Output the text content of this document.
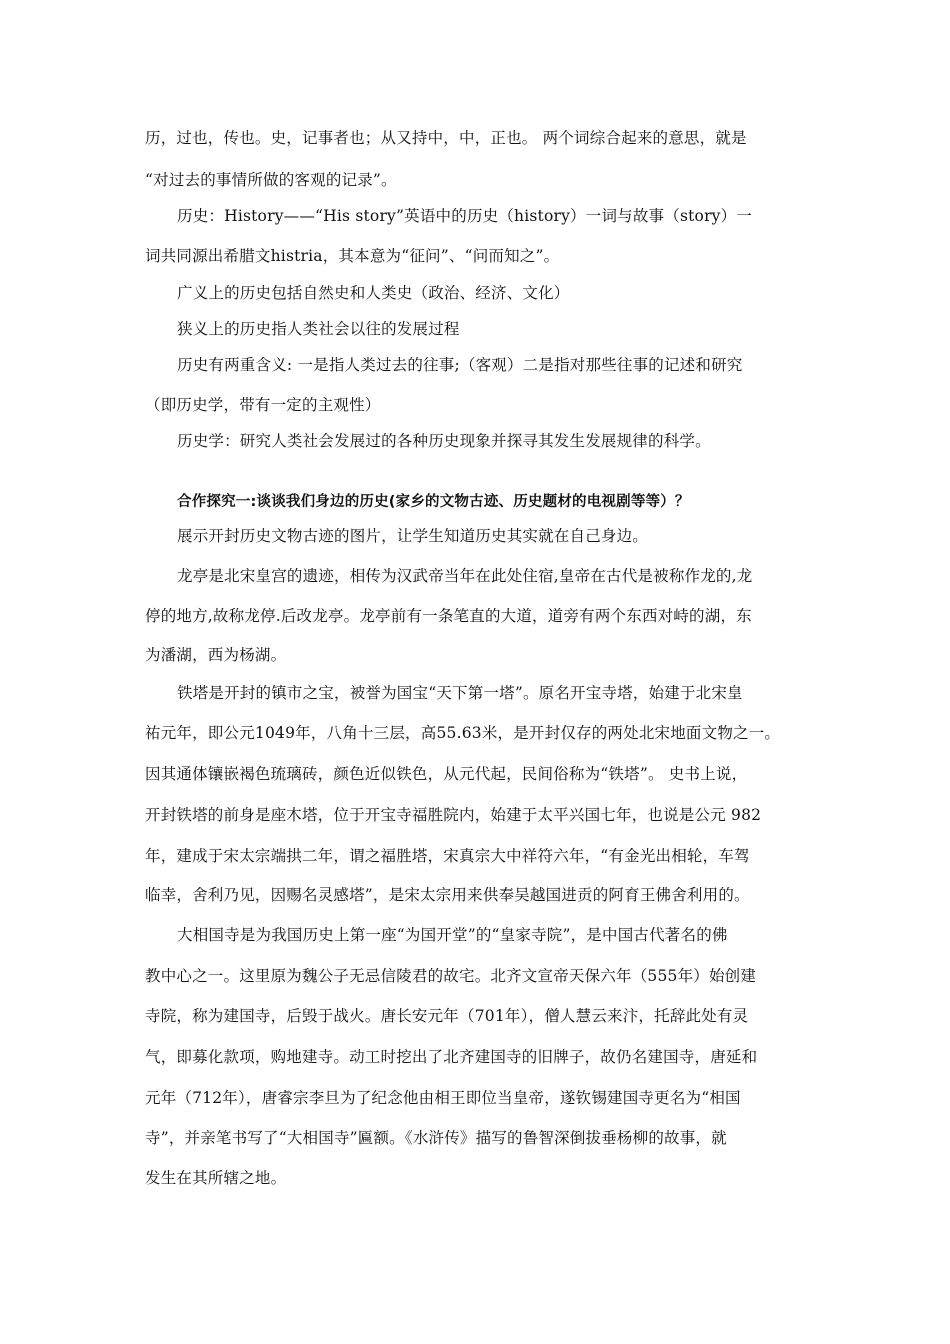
历，过也，传也。史，记事者也；从又持中，中，正也。 两个词综合起来的意思，就是
“对过去的事情所做的客观的记录”。
历史：History——“His story”英语中的历史（history）一词与故事（story）一
词共同源出希腊文histria，其本意为“征问”、“问而知之”。
广义上的历史包括自然史和人类史（政治、经济、文化）
狭义上的历史指人类社会以往的发展过程
历史有两重含义: 一是指人类过去的往事;（客观）二是指对那些往事的记述和研究
（即历史学，带有一定的主观性）
历史学：研究人类社会发展过的各种历史现象并探寻其发生发展规律的科学。
合作探究一:谈谈我们身边的历史(家乡的文物古迹、历史题材的电视剧等等）？
展示开封历史文物古迹的图片，让学生知道历史其实就在自己身边。
龙亭是北宋皇宫的遗迹，相传为汉武帝当年在此处住宿,皇帝在古代是被称作龙的,龙
停的地方,故称龙停.后改龙亭。龙亭前有一条笔直的大道，道旁有两个东西对峙的湖，东
为潘湖，西为杨湖。
铁塔是开封的镇市之宝，被誉为国宝“天下第一塔”。原名开宝寺塔，始建于北宋皇
祐元年，即公元1049年，八角十三层，高55.63米，是开封仅存的两处北宋地面文物之一。
因其通体镶嵌褐色琉璃砖，颜色近似铁色，从元代起，民间俗称为“铁塔”。 史书上说，
开封铁塔的前身是座木塔，位于开宝寺福胜院内，始建于太平兴国七年，也说是公元 982
年，建成于宋太宗端拱二年，谓之福胜塔，宋真宗大中祥符六年，“有金光出相轮，车驾
临幸，舍利乃见，因赐名灵感塔”，是宋太宗用来供奉吴越国进贡的阿育王佛舍利用的。
大相国寺是为我国历史上第一座“为国开堂”的“皇家寺院”，是中国古代著名的佛
教中心之一。这里原为魏公子无忌信陵君的故宅。北齐文宣帝天保六年（555年）始创建
寺院，称为建国寺，后毁于战火。唐长安元年（701年），僧人慧云来汴，托辞此处有灵
气，即募化款项，购地建寺。动工时挖出了北齐建国寺的旧牌子，故仍名建国寺，唐延和
元年（712年），唐睿宗李旦为了纪念他由相王即位当皇帝，遂钦锡建国寺更名为“相国
寺”，并亲笔书写了“大相国寺”匾额。《水浒传》描写的鲁智深倒拔垂杨柳的故事，就
发生在其所辖之地。
